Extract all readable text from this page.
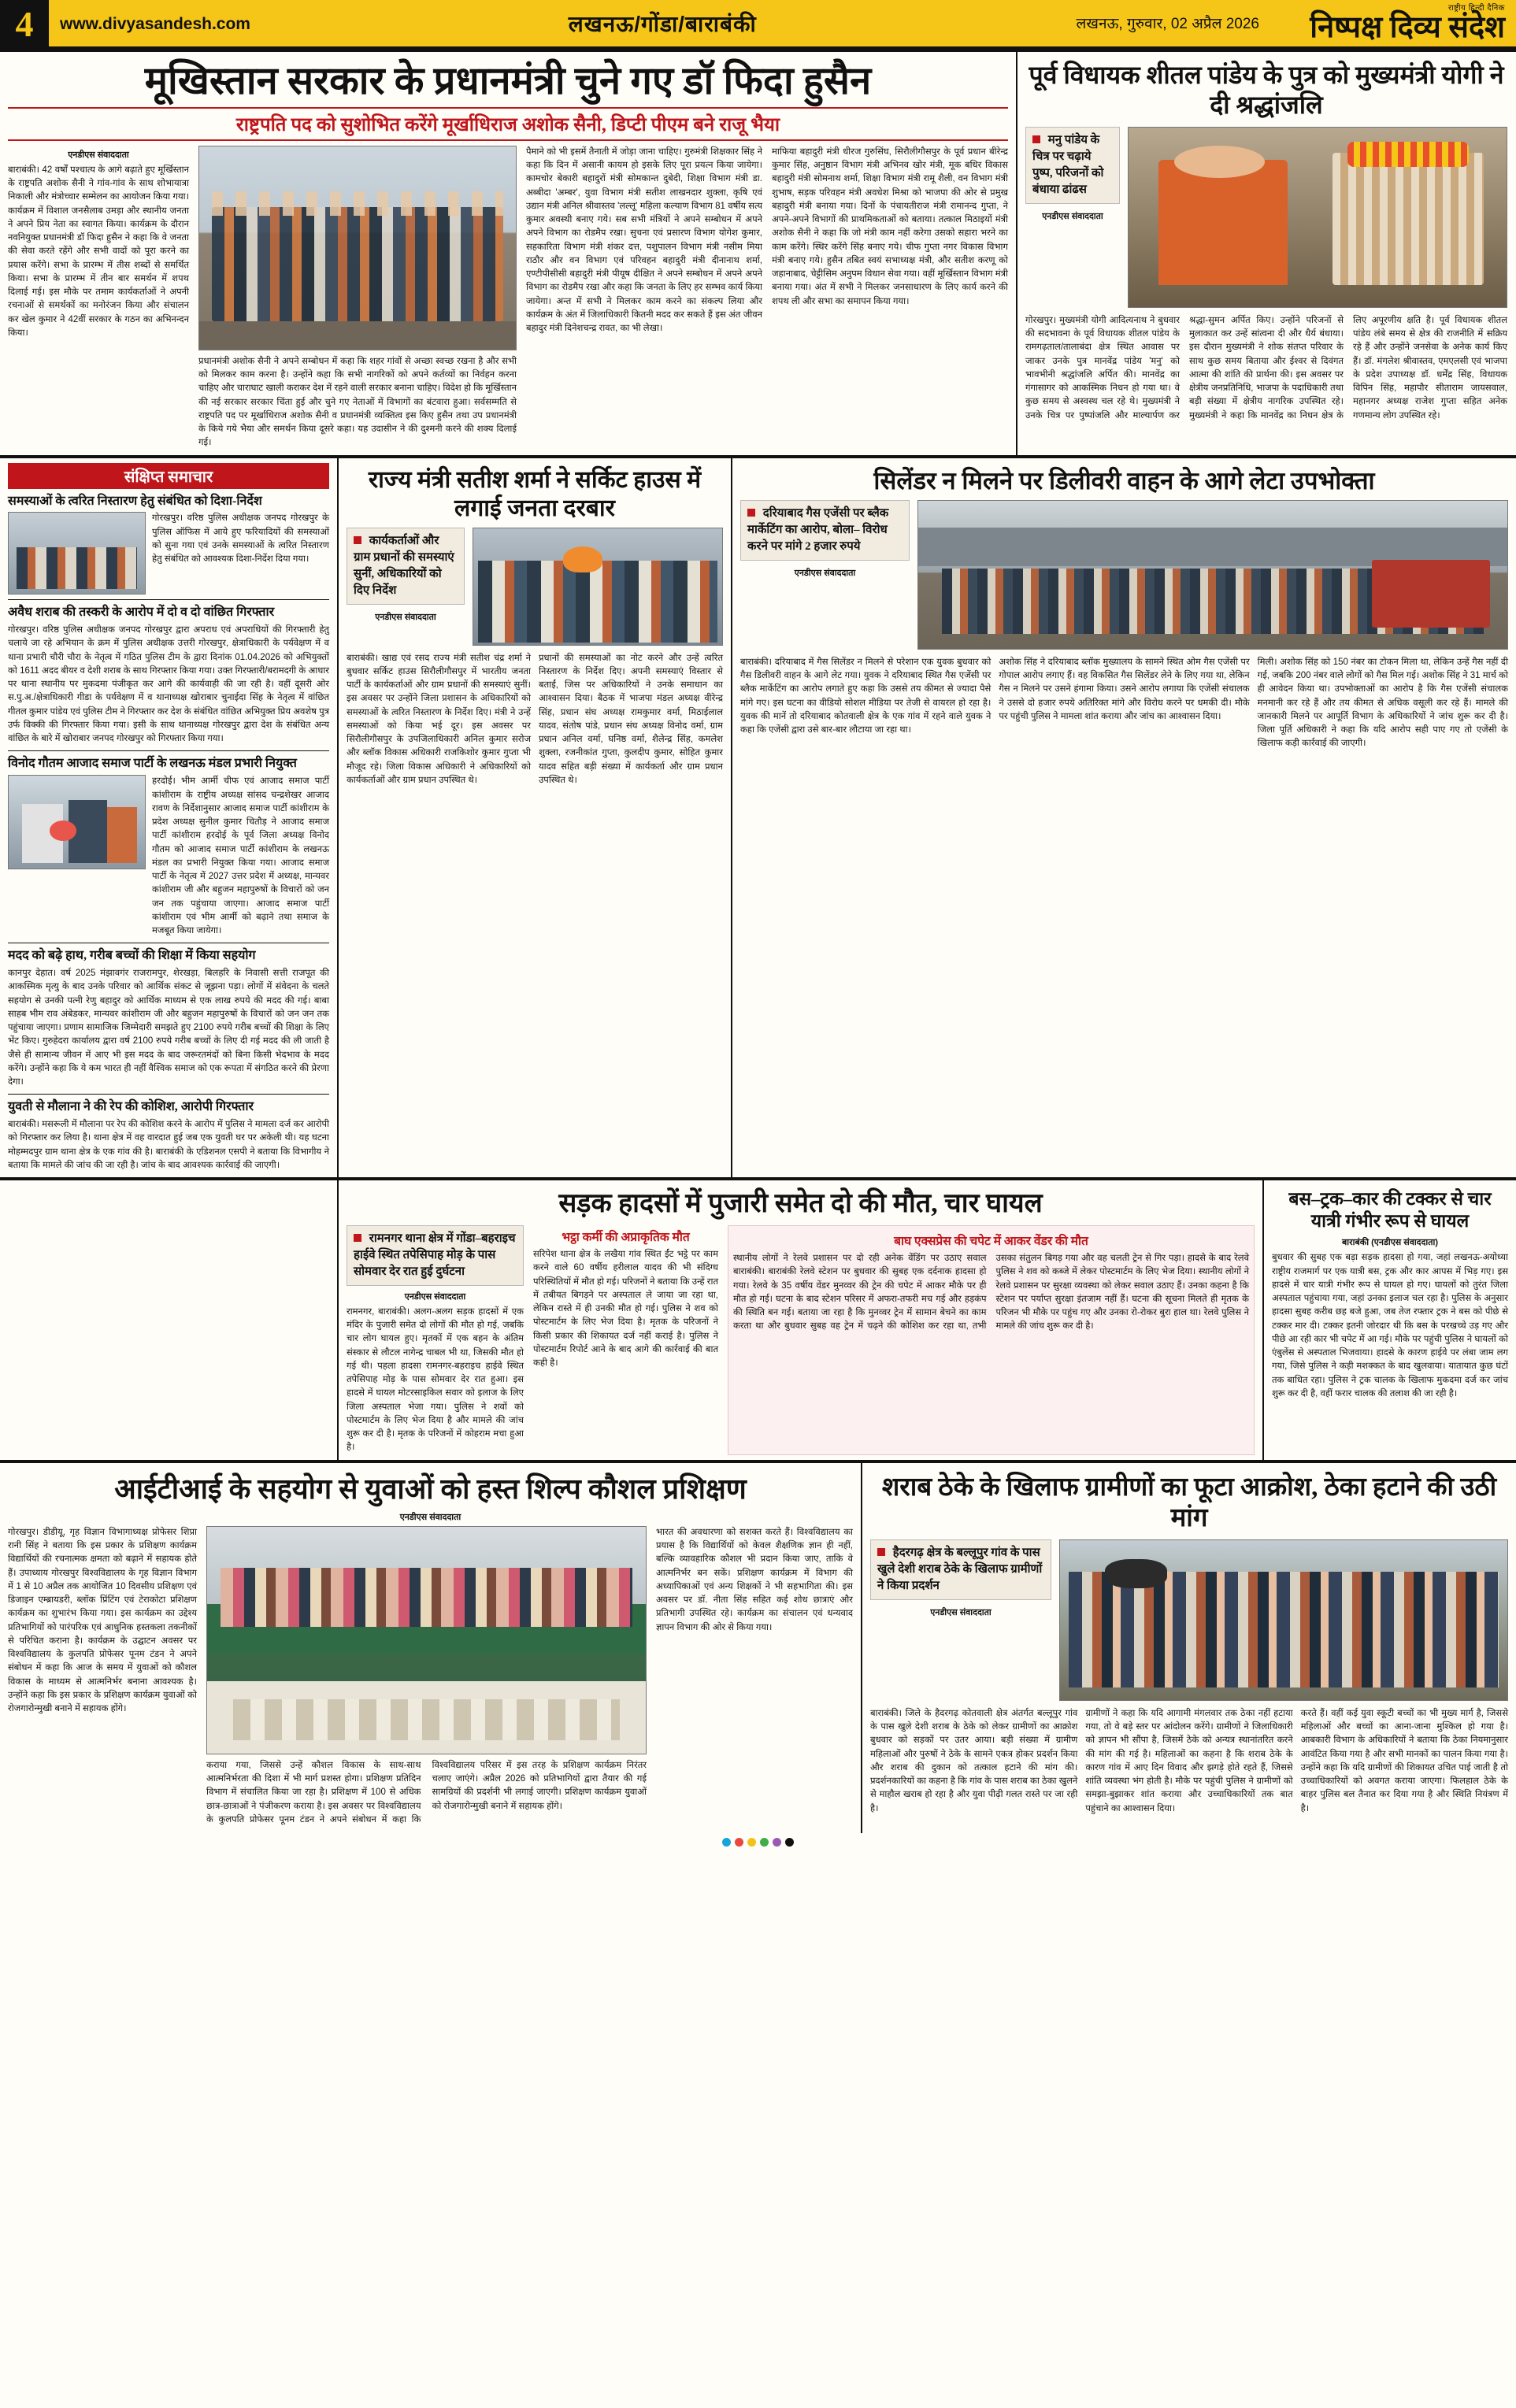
4	www.divyasandesh.com	लखनऊ/गोंडा/बाराबंकी	लखनऊ, गुरुवार, 02 अप्रैल 2026
राष्ट्रीय हिन्दी दैनिक
निष्पक्ष दिव्य संदेश
मूखिस्तान सरकार के प्रधानमंत्री चुने गए डॉ फिदा हुसैन
राष्ट्रपति पद को सुशोभित करेंगे मूर्खाधिराज अशोक सैनी, डिप्टी पीएम बने राजू भैया
एनडीएस संवाददाता
बाराबंकी। 42 वर्षों पश्चात्य के आगे बढ़ाते हुए मूर्खिस्तान के राष्ट्रपति अशोक सैनी ने गांव-गांव के साथ शोभायात्रा निकाली और मंत्रोच्चार सम्मेलन का आयोजन किया गया। कार्यक्रम में विशाल जनसैलाब उमड़ा और स्थानीय जनता ने अपने प्रिय नेता का स्वागत किया। कार्यक्रम के दौरान नवनियुक्त प्रधानमंत्री डॉ फिदा हुसैन ने कहा कि वे जनता की सेवा करते रहेंगे और सभी वादों को पूरा करने का प्रयास करेंगे। सभा के प्रारम्भ में तीस शब्दों से समर्थित किया। सभा के प्रारम्भ में तीन बार समर्थन में शपथ दिलाई गई। इस मौके पर तमाम कार्यकर्ताओं ने अपनी रचनाओं से समर्थकों का मनोरंजन किया और संचालन कर खेल कुमार ने 42वीं सरकार के गठन का अभिनन्दन किया।
प्रधानमंत्री अशोक सैनी ने अपने सम्बोधन में कहा कि शहर गांवों से अच्छा स्वच्छ रखना है और सभी को मिलकर काम करना है। उन्होंने कहा कि सभी नागरिकों को अपने कर्तव्यों का निर्वहन करना चाहिए और चाराघाट खाली कराकर देश में रहने वाली सरकार बनाना चाहिए। विदेश हो कि मूर्खिस्तान की नई सरकार सरकार चिंता हुई और चुने गए नेताओं में विभागों का बंटवारा हुआ। सर्वसम्मति से राष्ट्रपति पद पर मूर्खाधिराज अशोक सैनी व प्रधानमंत्री व्यक्तित्व इस किए हुसैन तथा उप प्रधानमंत्री के किये गये भैया और समर्थन किया दूसरे कहा। यह उदासीन ने की दुश्मनी करने की शक्य दिलाई गई।
पैमाने को भी इसमें तैनाती में जोड़ा जाना चाहिए। गुरुमंत्री शिक्षकार सिंह ने कहा कि दिन में असानी कायम हो इसके लिए पूरा प्रयत्न किया जायेगा। कामचोर बेकारी बहादुरों मंत्री सोमकान्त दुबेदी, शिक्षा विभाग मंत्री डा. अब्बीदा 'अम्बर', युवा विभाग मंत्री सतीश लाखनदार शुक्ला, कृषि एवं उद्यान मंत्री अनिल श्रीवास्तव 'लल्लू' महिला कल्याण विभाग 81 वर्षीय सत्य कुमार अवस्थी बनाए गये। सब सभी मंत्रियों ने अपने सम्बोधन में अपने अपने विभाग का रोडमैप रखा। सुचना एवं प्रसारण विभाग योगेश कुमार, सहकारिता विभाग मंत्री शंकर दत्त, पशुपालन विभाग मंत्री नसीम मिया राठौर और वन विभाग एवं परिवहन बहादुरी मंत्री दीनानाथ शर्मा, एण्टीपीसीसी बहादुरी मंत्री पीयूष दीक्षित ने अपने सम्बोधन में अपने अपने विभाग का रोडमैप रखा और कहा कि जनता के लिए हर सम्भव कार्य किया जायेगा। अन्त में सभी ने मिलकर काम करने का संकल्प लिया और कार्यक्रम के अंत में जिलाधिकारी कितनी मदद कर सकते हैं इस अंत जीवन बहादुर मंत्री दिनेशचन्द्र रावत, का भी लेखा।
माफिया बहादुरी मंत्री धीरज गुरुसिंघ, सिरौलीगौसपुर के पूर्व प्रधान बीरेन्द्र कुमार सिंह, अनुष्ठान विभाग मंत्री अभिनव खोर मंत्री, मूक बधिर विकास बहादुरी मंत्री सोमनाथ शर्मा, शिक्षा विभाग मंत्री रामू शैली, वन विभाग मंत्री शुभाष, सड़क परिवहन मंत्री अवधेश मिश्रा को भाजपा की ओर से प्रमुख बहादुरी मंत्री बनाया गया। दिनों के पंचायतीराज मंत्री रामानन्द गुप्ता, ने अपने-अपने विभागों की प्राथमिकताओं को बताया। तत्काल मिठाइयों मंत्री अशोक सैनी ने कहा कि जो मंत्री काम नहीं करेगा उसको सहारा भरने का काम करेंगे। स्थिर करेंगे सिंह बनाए गये। चीफ गुप्ता नगर विकास विभाग मंत्री बनाए गये। हुसैन तबित स्वयं सभाध्यक्ष मंत्री, और सतीश करणू को जहानाबाद, चेट्टीसिम अनुपम विधान सेवा गया। वहीं मूर्खिस्तान विभाग मंत्री बनाया गया। अंत में सभी ने मिलकर जनसाधारण के लिए कार्य करने की शपथ ली और सभा का समापन किया गया।
पूर्व विधायक शीतल पांडेय के पुत्र को मुख्यमंत्री योगी ने दी श्रद्धांजलि
मनु पांडेय के चित्र पर चढ़ाये पुष्प, परिजनों को बंधाया ढांढस
एनडीएस संवाददाता
गोरखपुर। मुख्यमंत्री योगी आदित्यनाथ ने बुधवार की सदभावना के पूर्व विधायक शीतल पांडेय के रामगढ़ताल/तालाबंदा क्षेत्र स्थित आवास पर जाकर उनके पुत्र मानवेंद्र पांडेय 'मनु' को भावभीनी श्रद्धांजलि अर्पित की। मानवेंद्र का गंगासागर को आकस्मिक निधन हो गया था। वे कुछ समय से अस्वस्थ चल रहे थे। मुख्यमंत्री ने उनके चित्र पर पुष्पांजलि और माल्यार्पण कर श्रद्धा-सुमन अर्पित किए। उन्होंने परिजनों से मुलाकात कर उन्हें सांत्वना दी और धैर्य बंधाया। इस दौरान मुख्यमंत्री ने शोक संतप्त परिवार के साथ कुछ समय बिताया और ईश्वर से दिवंगत आत्मा की शांति की प्रार्थना की। इस अवसर पर क्षेत्रीय जनप्रतिनिधि, भाजपा के पदाधिकारी तथा बड़ी संख्या में क्षेत्रीय नागरिक उपस्थित रहे। मुख्यमंत्री ने कहा कि मानवेंद्र का निधन क्षेत्र के लिए अपूरणीय क्षति है। पूर्व विधायक शीतल पांडेय लंबे समय से क्षेत्र की राजनीति में सक्रिय रहे हैं और उन्होंने जनसेवा के अनेक कार्य किए हैं। डॉ. मंगलेश श्रीवास्तव, एमएलसी एवं भाजपा के प्रदेश उपाध्यक्ष डॉ. धर्मेंद्र सिंह, विधायक विपिन सिंह, महापौर सीताराम जायसवाल, महानगर अध्यक्ष राजेश गुप्ता सहित अनेक गणमान्य लोग उपस्थित रहे।
संक्षिप्त समाचार
समस्याओं के त्वरित निस्तारण हेतु संबंधित को दिशा-निर्देश
गोरखपुर। वरिष्ठ पुलिस अधीक्षक जनपद गोरखपुर के पुलिस ऑफिस में आये हुए फरियादियों की समस्याओं को सुना गया एवं उनके समस्याओं के त्वरित निस्तारण हेतु संबंधित को आवश्यक दिशा-निर्देश दिया गया।
अवैध शराब की तस्करी के आरोप में दो व दो वांछित गिरफ्तार
गोरखपुर। वरिष्ठ पुलिस अधीक्षक जनपद गोरखपुर द्वारा अपराध एवं अपराधियों की गिरफ्तारी हेतु चलाये जा रहे अभियान के क्रम में पुलिस अधीक्षक उत्तरी गोरखपुर, क्षेत्राधिकारी के पर्यवेक्षण में व थाना प्रभारी चौरी चौरा के नेतृत्व में गठित पुलिस टीम के द्वारा दिनांक 01.04.2026 को अभियुक्तों को 1611 अदद बीयर व देशी शराब के साथ गिरफ्तार किया गया। उक्त गिरफ्तारी/बरामदगी के आधार पर थाना स्थानीय पर मुकदमा पंजीकृत कर आगे की कार्यवाही की जा रही है। वहीं दूसरी ओर स.पु.अ./क्षेत्राधिकारी गीडा के पर्यवेक्षण में व थानाध्यक्ष खोराबार चुनाईदा सिंह के नेतृत्व में वांछित गीतल कुमार पांडेय एवं पुलिस टीम ने गिरफ्तार कर देश के संबंधित वांछित अभियुक्त प्रिय अवशेष पुत्र उर्फ विक्की की गिरफ्तार किया गया। इसी के साथ थानाध्यक्ष गोरखपुर द्वारा देश के संबंधित अन्य वांछित के बारे में खोराबार जनपद गोरखपुर को गिरफ्तार किया गया।
विनोद गौतम आजाद समाज पार्टी के लखनऊ मंडल प्रभारी नियुक्त
हरदोई। भीम आर्मी चीफ एवं आजाद समाज पार्टी कांशीराम के राष्ट्रीय अध्यक्ष सांसद चन्द्रशेखर आजाद रावण के निर्देशानुसार आजाद समाज पार्टी कांशीराम के प्रदेश अध्यक्ष सुनील कुमार चितौड़ ने आजाद समाज पार्टी कांशीराम हरदोई के पूर्व जिला अध्यक्ष विनोद गौतम को आजाद समाज पार्टी कांशीराम के लखनऊ मंडल का प्रभारी नियुक्त किया गया। आजाद समाज पार्टी के नेतृत्व में 2027 उत्तर प्रदेश में अध्यक्ष, मान्यवर कांशीराम जी और बहुजन महापुरुषों के विचारों को जन जन तक पहुंचाया जाएगा। आजाद समाज पार्टी कांशीराम एवं भीम आर्मी को बढ़ाने तथा समाज के मजबूत किया जायेगा।
मदद को बढ़े हाथ, गरीब बच्चों की शिक्षा में किया सहयोग
कानपुर देहात। वर्ष 2025 मंझावगंर राजरामपुर, शेरखड़ा, बिलहरि के निवासी सत्ती राजपूत की आकस्मिक मृत्यु के बाद उनके परिवार को आर्थिक संकट से जूझना पड़ा। लोगों में संवेदना के चलते सहयोग से उनकी पत्नी रेणु बहादुर को आर्थिक माध्यम से एक लाख रुपये की मदद की गई। बाबा साहब भीम राव अंबेडकर, मान्यवर कांशीराम जी और बहुजन महापुरुषों के विचारों को जन जन तक पहुंचाया जाएगा। प्रणाम सामाजिक जिम्मेदारी समझते हुए 2100 रुपये गरीब बच्चों की शिक्षा के लिए भेंट किए। गुरुहेदरा कार्यालय द्वारा वर्ष 2100 रुपये गरीब बच्चों के लिए दी गई मदद की ली जाती है जैसे ही सामान्य जीवन में आए भी इस मदद के बाद जरूरतमंदों को बिना किसी भेदभाव के मदद करेंगे। उन्होंने कहा कि ये कम भारत ही नहीं वैश्विक समाज को एक रूपता में संगठित करने की प्रेरणा देगा।
युवती से मौलाना ने की रेप की कोशिश, आरोपी गिरफ्तार
बाराबंकी। मसरूली में मौलाना पर रेप की कोशिश करने के आरोप में पुलिस ने मामला दर्ज कर आरोपी को गिरफ्तार कर लिया है। थाना क्षेत्र में वह वारदात हुई जब एक युवती घर पर अकेली थी। यह घटना मोहम्मदपुर ग्राम थाना क्षेत्र के एक गांव की है। बाराबंकी के एडिशनल एसपी ने बताया कि विभागीय ने बताया कि मामले की जांच की जा रही है। जांच के बाद आवश्यक कार्रवाई की जाएगी।
राज्य मंत्री सतीश शर्मा ने सर्किट हाउस में लगाई जनता दरबार
कार्यकर्ताओं और ग्राम प्रधानों की समस्याएं सुनीं, अधिकारियों को दिए निर्देश
एनडीएस संवाददाता
बाराबंकी। खाद्य एवं रसद राज्य मंत्री सतीश चंद्र शर्मा ने बुधवार सर्किट हाउस सिरौलीगौसपुर में भारतीय जनता पार्टी के कार्यकर्ताओं और ग्राम प्रधानों की समस्याएं सुनीं। इस अवसर पर उन्होंने जिला प्रशासन के अधिकारियों को समस्याओं के त्वरित निस्तारण के निर्देश दिए। मंत्री ने उन्हें समस्याओं को किया भई दूर। इस अवसर पर सिरौलीगौसपुर के उपजिलाधिकारी अनिल कुमार सरोज और ब्लॉक विकास अधिकारी राजकिशोर कुमार गुप्ता भी मौजूद रहे। जिला विकास अधिकारी ने अधिकारियों को कार्यकर्ताओं और ग्राम प्रधान उपस्थित थे।
प्रधानों की समस्याओं का नोट करने और उन्हें त्वरित निस्तारण के निर्देश दिए। अपनी समस्याएं विस्तार से बताईं, जिस पर अधिकारियों ने उनके समाधान का आश्वासन दिया। बैठक में भाजपा मंडल अध्यक्ष वीरेन्द्र सिंह, प्रधान संघ अध्यक्ष रामकुमार वर्मा, मिठाईलाल यादव, संतोष पांडे, प्रधान संघ अध्यक्ष विनोद वर्मा, ग्राम प्रधान अनिल वर्मा, घनिष्ठ वर्मा, शैलेन्द्र सिंह, कमलेश शुक्ला, रजनीकांत गुप्ता, कुलदीप कुमार, सोहित कुमार यादव सहित बड़ी संख्या में कार्यकर्ता और ग्राम प्रधान उपस्थित थे।
सिलेंडर न मिलने पर डिलीवरी वाहन के आगे लेटा उपभोक्ता
दरियाबाद गैस एजेंसी पर ब्लैक मार्केटिंग का आरोप, बोला– विरोध करने पर मांगे 2 हजार रुपये
एनडीएस संवाददाता
बाराबंकी। दरियाबाद में गैस सिलेंडर न मिलने से परेशान एक युवक बुधवार को गैस डिलीवरी वाहन के आगे लेट गया। युवक ने दरियाबाद स्थित गैस एजेंसी पर ब्लैक मार्केटिंग का आरोप लगाते हुए कहा कि उससे तय कीमत से ज्यादा पैसे मांगे गए। इस घटना का वीडियो सोशल मीडिया पर तेजी से वायरल हो रहा है। युवक की मानें तो दरियाबाद कोतवाली क्षेत्र के एक गांव में रहने वाले युवक ने कहा कि एजेंसी द्वारा उसे बार-बार लौटाया जा रहा था।
अशोक सिंह ने दरियाबाद ब्लॉक मुख्यालय के सामने स्थित ओम गैस एजेंसी पर गोपाल आरोप लगाए हैं। वह विकसित गैस सिलेंडर लेने के लिए गया था, लेकिन गैस न मिलने पर उसने हंगामा किया। उसने आरोप लगाया कि एजेंसी संचालक ने उससे दो हजार रुपये अतिरिक्त मांगे और विरोध करने पर धमकी दी। मौके पर पहुंची पुलिस ने मामला शांत कराया और जांच का आश्वासन दिया।
मिली। अशोक सिंह को 150 नंबर का टोकन मिला था, लेकिन उन्हें गैस नहीं दी गई, जबकि 200 नंबर वाले लोगों को गैस मिल गई। अशोक सिंह ने 31 मार्च को ही आवेदन किया था। उपभोक्ताओं का आरोप है कि गैस एजेंसी संचालक मनमानी कर रहे हैं और तय कीमत से अधिक वसूली कर रहे हैं। मामले की जानकारी मिलने पर आपूर्ति विभाग के अधिकारियों ने जांच शुरू कर दी है। जिला पूर्ति अधिकारी ने कहा कि यदि आरोप सही पाए गए तो एजेंसी के खिलाफ कड़ी कार्रवाई की जाएगी।
सड़क हादसों में पुजारी समेत दो की मौत, चार घायल
रामनगर थाना क्षेत्र में गोंडा–बहराइच हाईवे स्थित तपेसिपाह मोड़ के पास सोमवार देर रात हुई दुर्घटना
एनडीएस संवाददाता
रामनगर, बाराबंकी। अलग-अलग सड़क हादसों में एक मंदिर के पुजारी समेत दो लोगों की मौत हो गई, जबकि चार लोग घायल हुए। मृतकों में एक बहन के अंतिम संस्कार से लौटल नागेन्द्र चाबल भी था, जिसकी मौत हो गई थी। पहला हादसा रामनगर-बहराइच हाईवे स्थित तपेसिपाह मोड़ के पास सोमवार देर रात हुआ। इस हादसे में घायल मोटरसाइकिल सवार को इलाज के लिए जिला अस्पताल भेजा गया। पुलिस ने शवों को पोस्टमार्टम के लिए भेज दिया है और मामले की जांच शुरू कर दी है। मृतक के परिजनों में कोहराम मचा हुआ है।
भट्ठा कर्मी की अप्राकृतिक मौत
सरिपेश थाना क्षेत्र के लखैया गांव स्थित ईंट भट्ठे पर काम करने वाले 60 वर्षीय हरीलाल यादव की भी संदिग्ध परिस्थितियों में मौत हो गई। परिजनों ने बताया कि उन्हें रात में तबीयत बिगड़ने पर अस्पताल ले जाया जा रहा था, लेकिन रास्ते में ही उनकी मौत हो गई। पुलिस ने शव को पोस्टमार्टम के लिए भेज दिया है। मृतक के परिजनों ने किसी प्रकार की शिकायत दर्ज नहीं कराई है। पुलिस ने पोस्टमार्टम रिपोर्ट आने के बाद आगे की कार्रवाई की बात कही है।
बाघ एक्सप्रेस की चपेट में आकर वेंडर की मौत
स्थानीय लोगों ने रेलवे प्रशासन पर दो रही अनेक वेंडिंग पर उठाए सवाल बाराबंकी। बाराबंकी रेलवे स्टेशन पर बुधवार की सुबह एक दर्दनाक हादसा हो गया। रेलवे के 35 वर्षीय वेंडर मुनव्वर की ट्रेन की चपेट में आकर मौके पर ही मौत हो गई। घटना के बाद स्टेशन परिसर में अफरा-तफरी मच गई और हड़कंप की स्थिति बन गई। बताया जा रहा है कि मुनव्वर ट्रेन में सामान बेचने का काम करता था और बुधवार सुबह वह ट्रेन में चढ़ने की कोशिश कर रहा था, तभी उसका संतुलन बिगड़ गया और वह चलती ट्रेन से गिर पड़ा। हादसे के बाद रेलवे पुलिस ने शव को कब्जे में लेकर पोस्टमार्टम के लिए भेज दिया। स्थानीय लोगों ने रेलवे प्रशासन पर सुरक्षा व्यवस्था को लेकर सवाल उठाए हैं। उनका कहना है कि स्टेशन पर पर्याप्त सुरक्षा इंतजाम नहीं हैं। घटना की सूचना मिलते ही मृतक के परिजन भी मौके पर पहुंच गए और उनका रो-रोकर बुरा हाल था। रेलवे पुलिस ने मामले की जांच शुरू कर दी है।
बस–ट्रक–कार की टक्कर से चार यात्री गंभीर रूप से घायल
बाराबंकी (एनडीएस संवाददाता)
बुधवार की सुबह एक बड़ा सड़क हादसा हो गया, जहां लखनऊ-अयोध्या राष्ट्रीय राजमार्ग पर एक यात्री बस, ट्रक और कार आपस में भिड़ गए। इस हादसे में चार यात्री गंभीर रूप से घायल हो गए। घायलों को तुरंत जिला अस्पताल पहुंचाया गया, जहां उनका इलाज चल रहा है। पुलिस के अनुसार हादसा सुबह करीब छह बजे हुआ, जब तेज रफ्तार ट्रक ने बस को पीछे से टक्कर मार दी। टक्कर इतनी जोरदार थी कि बस के परखच्चे उड़ गए और पीछे आ रही कार भी चपेट में आ गई। मौके पर पहुंची पुलिस ने घायलों को एंबुलेंस से अस्पताल भिजवाया। हादसे के कारण हाईवे पर लंबा जाम लग गया, जिसे पुलिस ने कड़ी मशक्कत के बाद खुलवाया। यातायात कुछ घंटों तक बाधित रहा। पुलिस ने ट्रक चालक के खिलाफ मुकदमा दर्ज कर जांच शुरू कर दी है, वहीं फरार चालक की तलाश की जा रही है।
आईटीआई के सहयोग से युवाओं को हस्त शिल्प कौशल प्रशिक्षण
एनडीएस संवाददाता
गोरखपुर। डीडीयू, गृह विज्ञान विभागाध्यक्ष प्रोफेसर शिप्रा रानी सिंह ने बताया कि इस प्रकार के प्रशिक्षण कार्यक्रम विद्यार्थियों की रचनात्मक क्षमता को बढ़ाने में सहायक होते हैं। उपाध्याय गोरखपुर विश्वविद्यालय के गृह विज्ञान विभाग में 1 से 10 अप्रैल तक आयोजित 10 दिवसीय प्रशिक्षण एवं डिजाइन एम्ब्रायडरी, ब्लॉक प्रिंटिंग एवं टेराकोटा प्रशिक्षण कार्यक्रम का शुभारंभ किया गया। इस कार्यक्रम का उद्देश्य प्रतिभागियों को पारंपरिक एवं आधुनिक हस्तकला तकनीकों से परिचित कराना है। कार्यक्रम के उद्घाटन अवसर पर विश्वविद्यालय के कुलपति प्रोफेसर पूनम टंडन ने अपने संबोधन में कहा कि आज के समय में युवाओं को कौशल विकास के माध्यम से आत्मनिर्भर बनाना आवश्यक है। उन्होंने कहा कि इस प्रकार के प्रशिक्षण कार्यक्रम युवाओं को रोजगारोन्मुखी बनाने में सहायक होंगे।
कराया गया, जिससे उन्हें कौशल विकास के साथ-साथ आत्मनिर्भरता की दिशा में भी मार्ग प्रशस्त होगा। प्रशिक्षण प्रतिदिन विभाग में संचालित किया जा रहा है। प्रशिक्षण में 100 से अधिक छात्र-छात्राओं ने पंजीकरण कराया है। इस अवसर पर विश्वविद्यालय के कुलपति प्रोफेसर पूनम टंडन ने अपने संबोधन में कहा कि विश्वविद्यालय परिसर में इस तरह के प्रशिक्षण कार्यक्रम निरंतर चलाए जाएंगे। अप्रैल 2026 को प्रतिभागियों द्वारा तैयार की गई सामग्रियों की प्रदर्शनी भी लगाई जाएगी। प्रशिक्षण कार्यक्रम युवाओं को रोजगारोन्मुखी बनाने में सहायक होंगे।
भारत की अवधारणा को सशक्त करते हैं। विश्वविद्यालय का प्रयास है कि विद्यार्थियों को केवल शैक्षणिक ज्ञान ही नहीं, बल्कि व्यावहारिक कौशल भी प्रदान किया जाए, ताकि वे आत्मनिर्भर बन सकें। प्रशिक्षण कार्यक्रम में विभाग की अध्यापिकाओं एवं अन्य शिक्षकों ने भी सहभागिता की। इस अवसर पर डॉ. नीता सिंह सहित कई शोध छात्राएं और प्रतिभागी उपस्थित रहे। कार्यक्रम का संचालन एवं धन्यवाद ज्ञापन विभाग की ओर से किया गया।
शराब ठेके के खिलाफ ग्रामीणों का फूटा आक्रोश, ठेका हटाने की उठी मांग
हैदरगढ़ क्षेत्र के बल्लूपुर गांव के पास खुले देशी शराब ठेके के खिलाफ ग्रामीणों ने किया प्रदर्शन
एनडीएस संवाददाता
बाराबंकी। जिले के हैदरगढ़ कोतवाली क्षेत्र अंतर्गत बल्लूपुर गांव के पास खुले देशी शराब के ठेके को लेकर ग्रामीणों का आक्रोश बुधवार को सड़कों पर उतर आया। बड़ी संख्या में ग्रामीण महिलाओं और पुरुषों ने ठेके के सामने एकत्र होकर प्रदर्शन किया और शराब की दुकान को तत्काल हटाने की मांग की। प्रदर्शनकारियों का कहना है कि गांव के पास शराब का ठेका खुलने से माहौल खराब हो रहा है और युवा पीढ़ी गलत रास्ते पर जा रही है।
ग्रामीणों ने कहा कि यदि आगामी मंगलवार तक ठेका नहीं हटाया गया, तो वे बड़े स्तर पर आंदोलन करेंगे। ग्रामीणों ने जिलाधिकारी को ज्ञापन भी सौंपा है, जिसमें ठेके को अन्यत्र स्थानांतरित करने की मांग की गई है। महिलाओं का कहना है कि शराब ठेके के कारण गांव में आए दिन विवाद और झगड़े होते रहते हैं, जिससे शांति व्यवस्था भंग होती है। मौके पर पहुंची पुलिस ने ग्रामीणों को समझा-बुझाकर शांत कराया और उच्चाधिकारियों तक बात पहुंचाने का आश्वासन दिया।
करते हैं। वहीं कई युवा स्कूटी बच्चों का भी मुख्य मार्ग है, जिससे महिलाओं और बच्चों का आना-जाना मुश्किल हो गया है। आबकारी विभाग के अधिकारियों ने बताया कि ठेका नियमानुसार आवंटित किया गया है और सभी मानकों का पालन किया गया है। उन्होंने कहा कि यदि ग्रामीणों की शिकायत उचित पाई जाती है तो उच्चाधिकारियों को अवगत कराया जाएगा। फिलहाल ठेके के बाहर पुलिस बल तैनात कर दिया गया है और स्थिति नियंत्रण में है।
